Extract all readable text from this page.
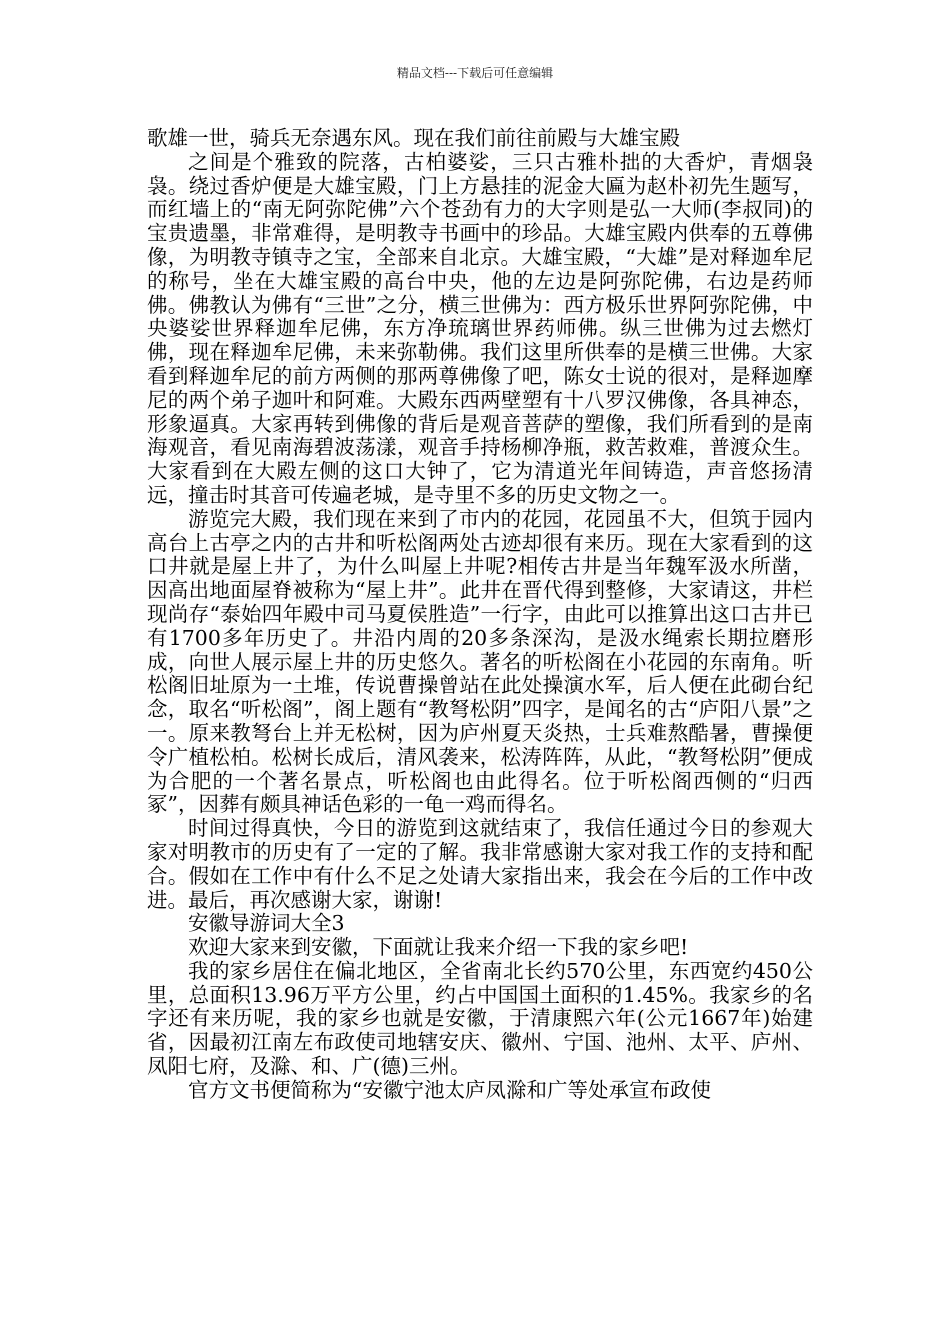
精品文档---下载后可任意编辑

歌雄一世，骑兵无奈遇东风。现在我们前往前殿与大雄宝殿

之间是个雅致的院落，古柏婆娑，三只古雅朴拙的大香炉，青烟袅袅。绕过香炉便是大雄宝殿，门上方悬挂的泥金大匾为赵朴初先生题写，而红墙上的“南无阿弥陀佛”六个苍劲有力的大字则是弘一大师(李叔同)的宝贵遗墨，非常难得，是明教寺书画中的珍品。大雄宝殿内供奉的五尊佛像，为明教寺镇寺之宝，全部来自北京。大雄宝殿，“大雄”是对释迦牟尼的称号，坐在大雄宝殿的高台中央，他的左边是阿弥陀佛，右边是药师佛。佛教认为佛有“三世”之分，横三世佛为：西方极乐世界阿弥陀佛，中央婆娑世界释迦牟尼佛，东方净琉璃世界药师佛。纵三世佛为过去燃灯佛，现在释迦牟尼佛，未来弥勒佛。我们这里所供奉的是横三世佛。大家看到释迦牟尼的前方两侧的那两尊佛像了吧，陈女士说的很对，是释迦摩尼的两个弟子迦叶和阿难。大殿东西两壁塑有十八罗汉佛像，各具神态，形象逼真。大家再转到佛像的背后是观音菩萨的塑像，我们所看到的是南海观音，看见南海碧波荡漾，观音手持杨柳净瓶，救苦救难，普渡众生。大家看到在大殿左侧的这口大钟了，它为清道光年间铸造，声音悠扬清远，撞击时其音可传遍老城，是寺里不多的历史文物之一。

游览完大殿，我们现在来到了市内的花园，花园虽不大，但筑于园内高台上古亭之内的古井和听松阁两处古迹却很有来历。现在大家看到的这口井就是屋上井了，为什么叫屋上井呢?相传古井是当年魏军汲水所凿，因高出地面屋脊被称为“屋上井”。此井在晋代得到整修，大家请这，井栏现尚存“泰始四年殿中司马夏侯胜造”一行字，由此可以推算出这口古井已有1700多年历史了。井沿内周的20多条深沟，是汲水绳索长期拉磨形成，向世人展示屋上井的历史悠久。著名的听松阁在小花园的东南角。听松阁旧址原为一土堆，传说曹操曾站在此处操演水军，后人便在此砌台纪念，取名“听松阁”，阁上题有“教弩松阴”四字，是闻名的古“庐阳八景”之一。原来教弩台上并无松树，因为庐州夏天炎热，士兵难熬酷暑，曹操便令广植松柏。松树长成后，清风袭来，松涛阵阵，从此，“教弩松阴”便成为合肥的一个著名景点，听松阁也由此得名。位于听松阁西侧的“归西冢”，因葬有颇具神话色彩的一龟一鸡而得名。

时间过得真快，今日的游览到这就结束了，我信任通过今日的参观大家对明教市的历史有了一定的了解。我非常感谢大家对我工作的支持和配合。假如在工作中有什么不足之处请大家指出来，我会在今后的工作中改进。最后，再次感谢大家，谢谢!

安徽导游词大全3

欢迎大家来到安徽，下面就让我来介绍一下我的家乡吧!

我的家乡居住在偏北地区，全省南北长约570公里，东西宽约450公里，总面积13.96万平方公里，约占中国国土面积的1.45%。我家乡的名字还有来历呢，我的家乡也就是安徽，于清康熙六年(公元1667年)始建省，因最初江南左布政使司地辖安庆、徽州、宁国、池州、太平、庐州、凤阳七府，及滁、和、广(德)三州。

官方文书便简称为“安徽宁池太庐凤滁和广等处承宣布政使
